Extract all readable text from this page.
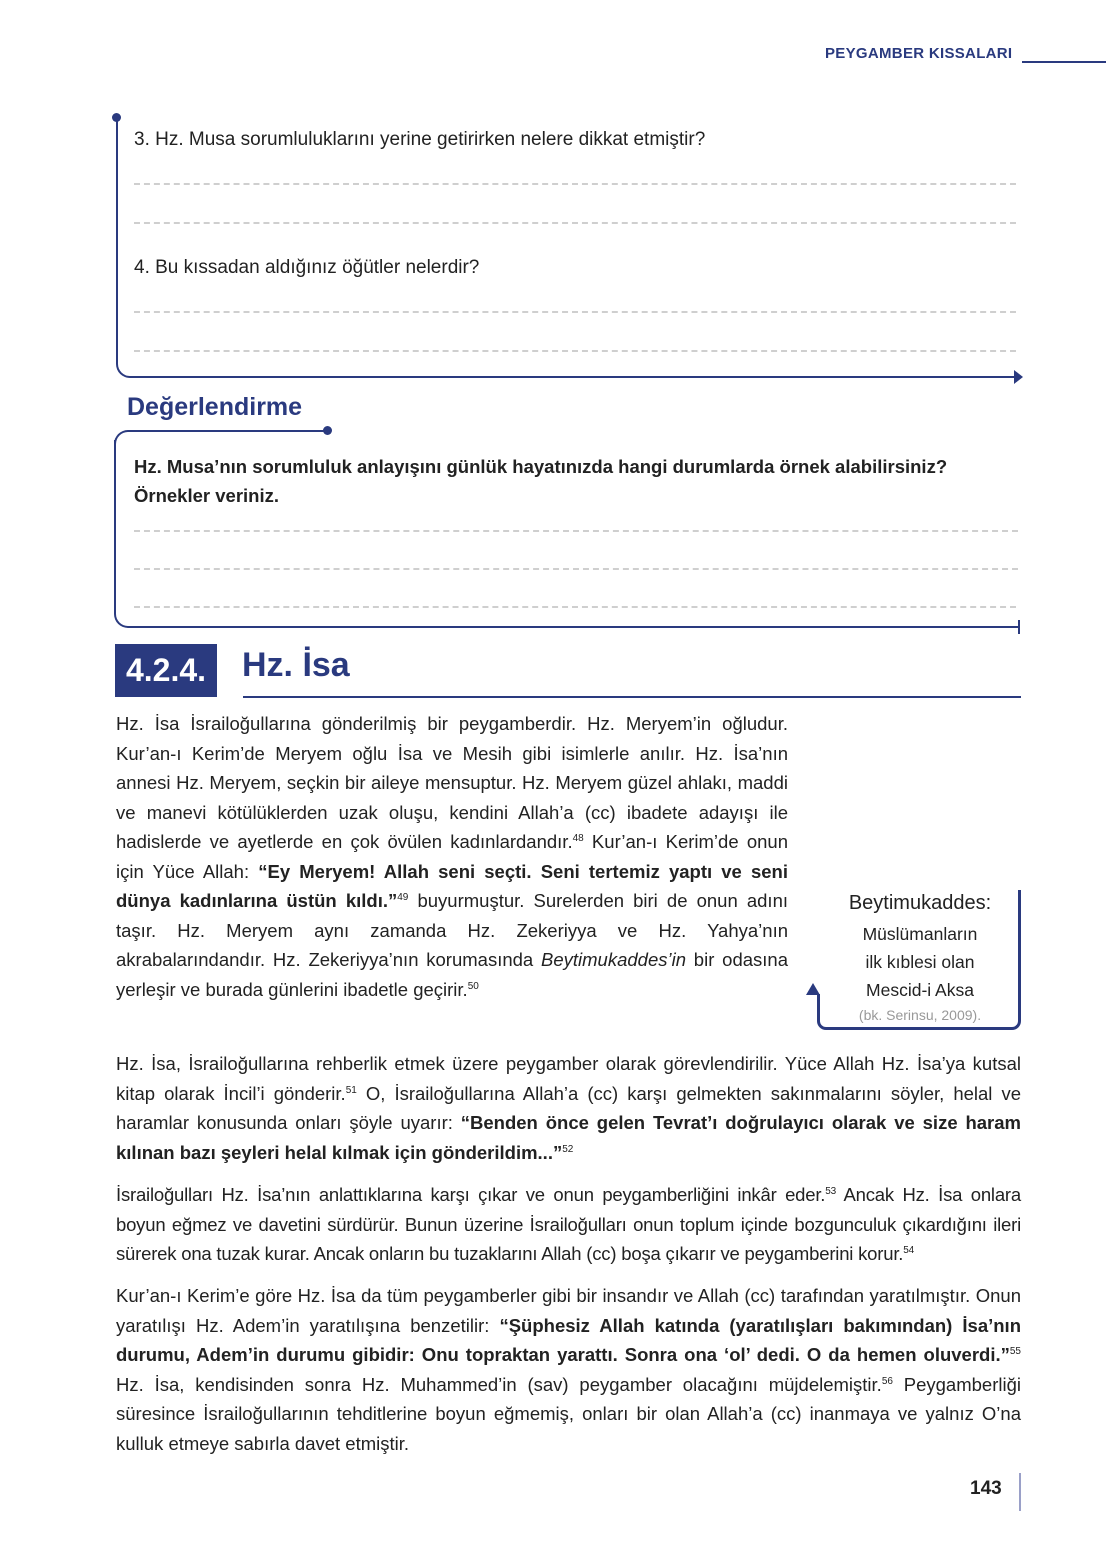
PEYGAMBER KISSALARI
3. Hz. Musa sorumluluklarını yerine getirirken nelere dikkat etmiştir?
4. Bu kıssadan aldığınız öğütler nelerdir?
Değerlendirme
Hz. Musa’nın sorumluluk anlayışını günlük hayatınızda hangi durumlarda örnek alabilirsiniz?
Örnekler veriniz.
4.2.4.	Hz. İsa
Hz. İsa İsrailoğullarına gönderilmiş bir peygamberdir. Hz. Meryem’in oğludur. Kur’an-ı Kerim’de Meryem oğlu İsa ve Mesih gibi isimlerle anılır. Hz. İsa’nın annesi Hz. Meryem, seçkin bir aileye mensuptur. Hz. Meryem güzel ahlakı, maddi ve manevi kötülüklerden uzak oluşu, kendini Allah’a (cc) ibadete adayışı ile hadislerde ve ayetlerde en çok övülen kadınlardandır.$^{48}$ Kur’an-ı Kerim’de onun için Yüce Allah: “Ey Meryem! Allah seni seçti. Seni tertemiz yaptı ve seni dünya kadınlarına üstün kıldı.”$^{49}$ buyurmuştur. Surelerden biri de onun adını taşır. Hz. Meryem aynı zamanda Hz. Zekeriyya ve Hz. Yahya’nın akrabalarındandır. Hz. Zekeriyya’nın korumasında Beytimukaddes’in bir odasına yerleşir ve burada günlerini ibadetle geçirir.$^{50}$
Beytimukaddes:
Müslümanların
ilk kıblesi olan
Mescid-i Aksa
(bk. Serinsu, 2009).
Hz. İsa, İsrailoğullarına rehberlik etmek üzere peygamber olarak görevlendirilir. Yüce Allah Hz. İsa’ya kutsal kitap olarak İncil’i gönderir.$^{51}$ O, İsrailoğullarına Allah’a (cc) karşı gelmekten sakınmalarını söyler, helal ve haramlar konusunda onları şöyle uyarır: “Benden önce gelen Tevrat’ı doğrulayıcı olarak ve size haram kılınan bazı şeyleri helal kılmak için gönderildim...”$^{52}$
İsrailoğulları Hz. İsa’nın anlattıklarına karşı çıkar ve onun peygamberliğini inkâr eder.$^{53}$ Ancak Hz. İsa onlara boyun eğmez ve davetini sürdürür. Bunun üzerine İsrailoğulları onun toplum içinde bozgunculuk çıkardığını ileri sürerek ona tuzak kurar. Ancak onların bu tuzaklarını Allah (cc) boşa çıkarır ve peygamberini korur.$^{54}$
Kur’an-ı Kerim’e göre Hz. İsa da tüm peygamberler gibi bir insandır ve Allah (cc) tarafından yaratılmıştır. Onun yaratılışı Hz. Adem’in yaratılışına benzetilir: “Şüphesiz Allah katında (yaratılışları bakımından) İsa’nın durumu, Adem’in durumu gibidir: Onu topraktan yarattı. Sonra ona ‘ol’ dedi. O da hemen oluverdi.”$^{55}$ Hz. İsa, kendisinden sonra Hz. Muhammed’in (sav) peygamber olacağını müjdelemiştir.$^{56}$ Peygamberliği süresince İsrailoğullarının tehditlerine boyun eğmemiş, onları bir olan Allah’a (cc) inanmaya ve yalnız O’na kulluk etmeye sabırla davet etmiştir.
143
